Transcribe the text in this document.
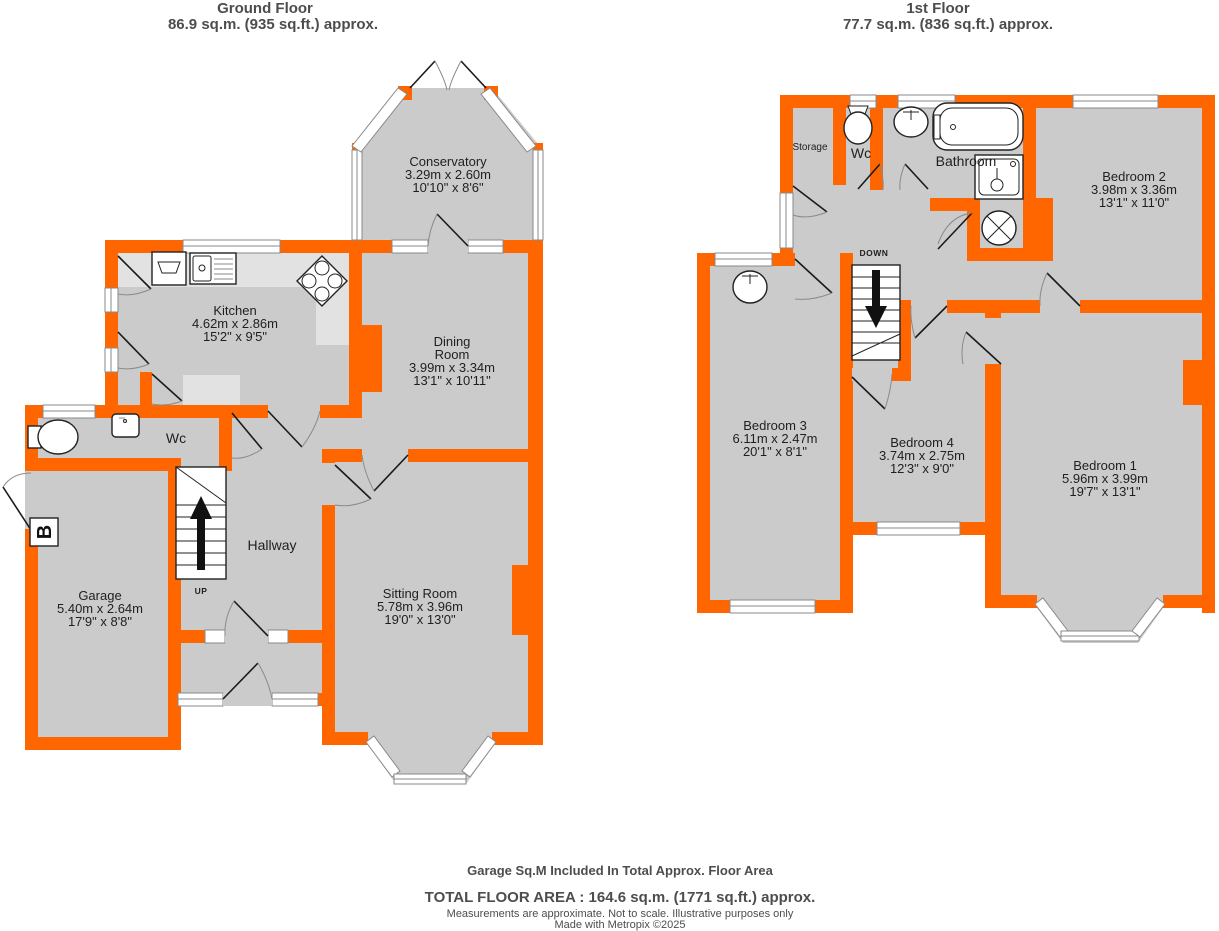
B
Conservatory
3.29m x 2.60m
10'10" x 8'6"
Kitchen
4.62m x 2.86m
15'2" x 9'5"	Dining
Room
3.99m x 3.34m
13'1" x 10'11"
Wc
Hallway
Garage
5.40m x 2.64m
17'9" x 8'8"
Sitting Room
5.78m x 3.96m
19'0" x 13'0"
UP
Storage Wc	Bathroom
Bedroom 2
3.98m x 3.36m
13'1" x 11'0"
Bedroom 3
6.11m x 2.47m
20'1" x 8'1"
Bedroom 4
3.74m x 2.75m
12'3" x 9'0"	Bedroom 1
5.96m x 3.99m
19'7" x 13'1"
DOWN
Ground Floor
86.9 sq.m. (935 sq.ft.) approx.
1st Floor
77.7 sq.m. (836 sq.ft.) approx.
Garage Sq.M Included In Total Approx. Floor Area
TOTAL FLOOR AREA : 164.6 sq.m. (1771 sq.ft.) approx.
Measurements are approximate. Not to scale. Illustrative purposes only
Made with Metropix ©2025
